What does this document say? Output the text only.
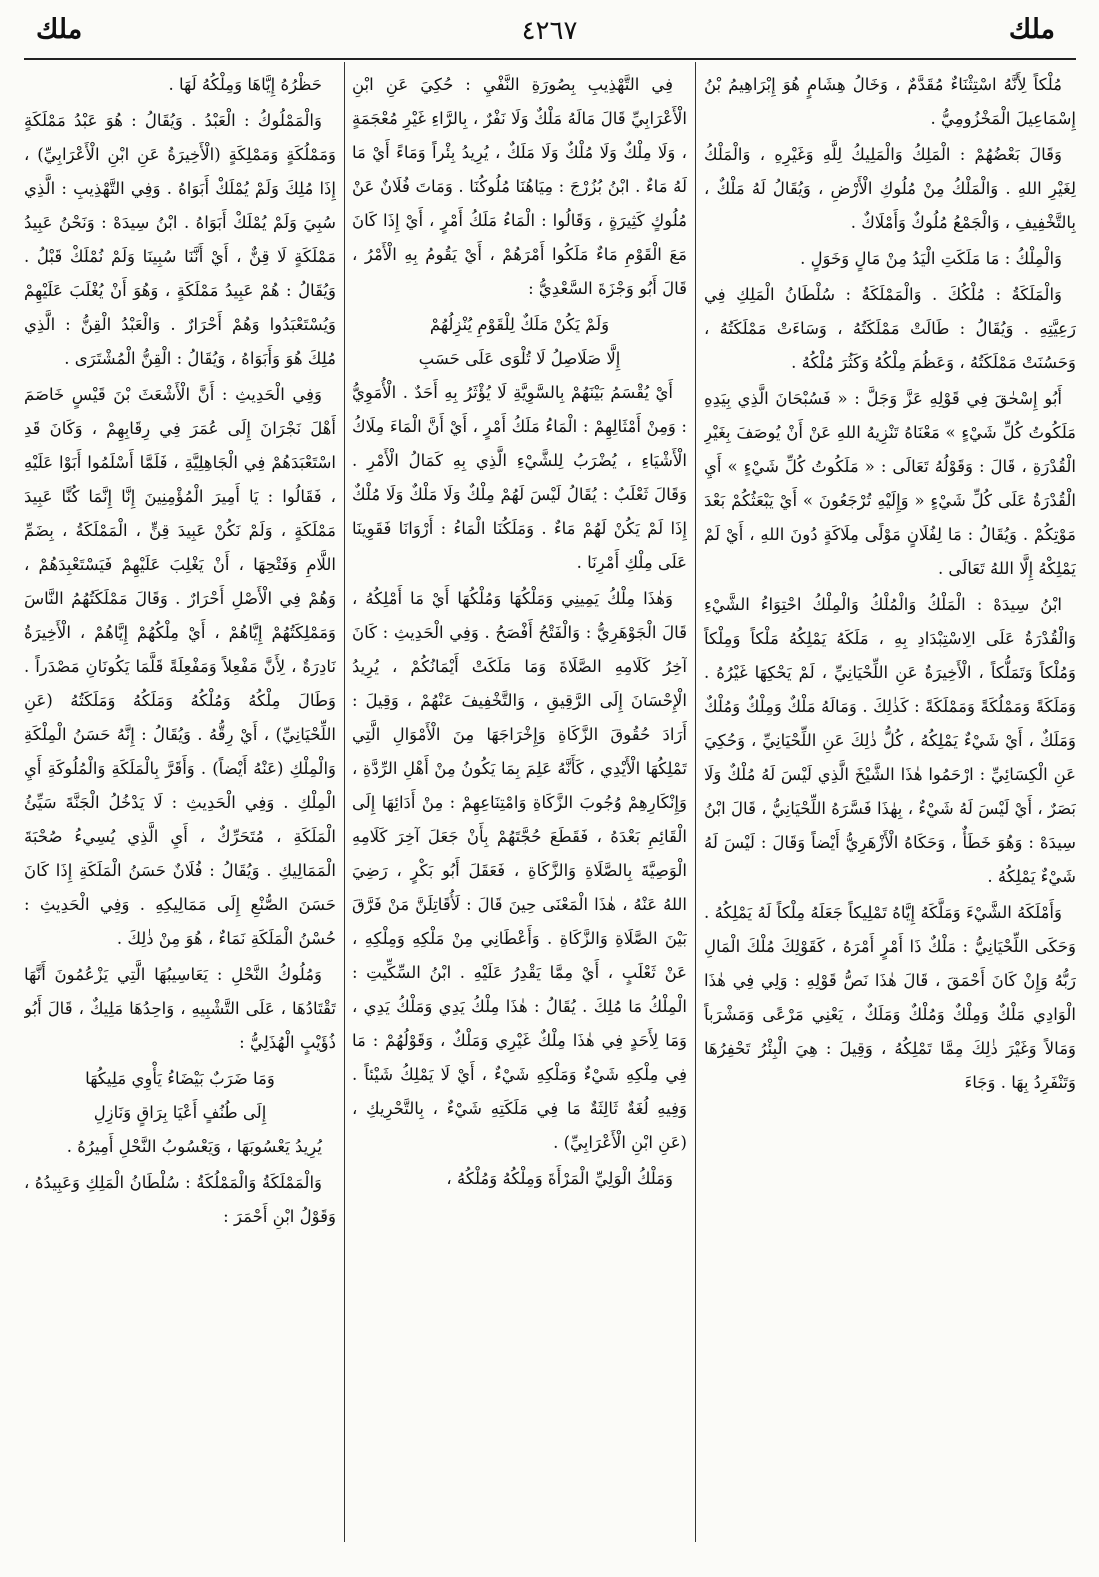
ملك
٤٢٦٧
ملك

مُلْكاً لِأَنَّهُ اسْتِثْنَاءٌ مُقَدَّمٌ ، وَخَالُ هِشَامٍ هُوَ إِبْرَاهِيمُ بْنُ إِسْمَاعِيلَ الْمَخْزُومِيُّ .

وَقَالَ بَعْضُهُمْ : الْمَلِكُ وَالْمَلِيكُ لِلَّهِ وَغَيْرِهِ ، وَالْمَلْكُ لِغَيْرِ اللهِ . وَالْمَلْكُ مِنْ مُلُوكِ الْأَرْضِ ، وَيُقَالُ لَهُ مَلْكٌ ، بِالتَّخْفِيفِ ، وَالْجَمْعُ مُلُوكٌ وَأَمْلَاكٌ .

وَالْمِلْكُ : مَا مَلَكَتِ الْيَدُ مِنْ مَالٍ وَخَوَلٍ .

وَالْمَلَكَةُ : مُلْكُكَ . وَالْمَمْلَكَةُ : سُلْطَانُ الْمَلِكِ فِي رَعِيَّتِهِ . وَيُقَالُ : طَالَتْ مَمْلَكَتُهُ ، وَسَاءَتْ مَمْلَكَتُهُ ، وَحَسُنَتْ مَمْلَكَتُهُ ، وَعَظُمَ مِلْكُهُ وَكَثُرَ مُلْكُهُ .

أَبُو إِسْحٰقَ فِي قَوْلِهِ عَزَّ وَجَلَّ : « فَسُبْحَانَ الَّذِي بِيَدِهِ مَلَكُوتُ كُلِّ شَيْءٍ » مَعْنَاهُ تَنْزِيهُ اللهِ عَنْ أَنْ يُوصَفَ بِغَيْرِ الْقُدْرَةِ ، قَالَ : وَقَوْلُهُ تَعَالَى : « مَلَكُوتُ كُلِّ شَيْءٍ » أَيِ الْقُدْرَةُ عَلَى كُلِّ شَيْءٍ « وَإِلَيْهِ تُرْجَعُونَ » أَيْ يَبْعَثُكُمْ بَعْدَ مَوْتِكُمْ . وَيُقَالُ : مَا لِفُلَانٍ مَوْلًى مِلَاكَةٍ دُونَ اللهِ ، أَيْ لَمْ يَمْلِكْهُ إِلَّا اللهُ تَعَالَى .

ابْنُ سِيدَهْ : الْمَلْكُ وَالْمُلْكُ وَالْمِلْكُ احْتِوَاءُ الشَّيْءِ وَالْقُدْرَةُ عَلَى الِاسْتِبْدَادِ بِهِ ، مَلَكَهُ يَمْلِكُهُ مَلْكاً وَمِلْكاً وَمُلْكاً وَتَمَلُّكاً ، الْأَخِيرَةُ عَنِ اللِّحْيَانِيِّ ، لَمْ يَحْكِهَا غَيْرُهُ . وَمَلَكَةً وَمَمْلُكَةً وَمَمْلَكَةً : كَذٰلِكَ . وَمَالَهُ مَلْكٌ وَمِلْكٌ وَمُلْكٌ وَمَلَكٌ ، أَيْ شَيْءٌ يَمْلِكُهُ ، كُلُّ ذٰلِكَ عَنِ اللِّحْيَانِيِّ ، وَحُكِيَ عَنِ الْكِسَائِيِّ : ارْحَمُوا هٰذَا الشَّيْخَ الَّذِي لَيْسَ لَهُ مُلْكٌ وَلَا بَصَرٌ ، أَيْ لَيْسَ لَهُ شَيْءٌ ، بِهٰذَا فَسَّرَهُ اللِّحْيَانِيُّ ، قَالَ ابْنُ سِيدَهْ : وَهُوَ خَطَأٌ ، وَحَكَاهُ الْأَزْهَرِيُّ أَيْضاً وَقَالَ : لَيْسَ لَهُ شَيْءٌ يَمْلِكُهُ .

وَأَمْلَكَهُ الشَّيْءَ وَمَلَّكَهُ إِيَّاهُ تَمْلِيكاً جَعَلَهُ مِلْكاً لَهُ يَمْلِكُهُ . وَحَكَى اللِّحْيَانِيُّ : مَلْكٌ ذَا أَمْرٍ أَمْرَهُ ، كَقَوْلِكَ مُلْكَ الْمَالِ رَبُّهُ وَإِنْ كَانَ أَحْمَقَ ، قَالَ هٰذَا نَصُّ قَوْلِهِ : وَلِي فِي هٰذَا الْوَادِي مَلْكٌ وَمِلْكٌ وَمُلْكٌ وَمَلَكٌ ، يَعْنِي مَرْعًى وَمَشْرَباً وَمَالاً وَغَيْرَ ذٰلِكَ مِمَّا تَمْلِكُهُ ، وَقِيلَ : هِيَ الْبِئْرُ تَحْفِرُهَا وَتَنْفَرِدُ بِهَا . وَجَاءَ

فِي التَّهْذِيبِ بِصُورَةِ النَّفْيِ : حُكِيَ عَنِ ابْنِ الْأَعْرَابِيِّ قَالَ مَالَهُ مَلْكٌ وَلَا نَفْرٌ ، بِالرَّاءِ غَيْرِ مُعْجَمَةٍ ، وَلَا مِلْكٌ وَلَا مُلْكٌ وَلَا مَلَكٌ ، يُرِيدُ بِئْراً وَمَاءً أَيْ مَا لَهُ مَاءٌ . ابْنُ بُزُرْجَ : مِيَاهُنَا مُلُوكُنَا . وَمَاتَ فُلَانٌ عَنْ مُلُوكٍ كَثِيرَةٍ ، وَقَالُوا : الْمَاءُ مَلَكُ أَمْرٍ ، أَيْ إِذَا كَانَ مَعَ الْقَوْمِ مَاءٌ مَلَكُوا أَمْرَهُمْ ، أَيْ يَقُومُ بِهِ الْأَمْرُ ، قَالَ أَبُو وَجْزَةَ السَّعْدِيُّ :

وَلَمْ يَكُنْ مَلَكٌ لِلْقَوْمِ يُنْزِلُهُمْ

إِلَّا صَلَاصِلُ لَا تُلْوَى عَلَى حَسَبِ

أَيْ يُقْسَمُ بَيْنَهُمْ بِالسَّوِيَّةِ لَا يُؤْثَرُ بِهِ أَحَدٌ . الْأُمَوِيُّ : وَمِنْ أَمْثَالِهِمْ : الْمَاءُ مَلَكُ أَمْرٍ ، أَيْ أَنَّ الْمَاءَ مِلَاكُ الْأَشْيَاءِ ، يُضْرَبُ لِلشَّيْءِ الَّذِي بِهِ كَمَالُ الْأَمْرِ . وَقَالَ ثَعْلَبٌ : يُقَالُ لَيْسَ لَهُمْ مِلْكٌ وَلَا مَلْكٌ وَلَا مُلْكٌ إِذَا لَمْ يَكُنْ لَهُمْ مَاءٌ . وَمَلَكُنَا الْمَاءُ : أَرْوَانَا فَقَوِينَا عَلَى مِلْكِ أَمْرِنَا .

وَهٰذَا مِلْكُ يَمِينِي وَمَلْكُهَا وَمُلْكُهَا أَيْ مَا أَمْلِكُهُ ، قَالَ الْجَوْهَرِيُّ : وَالْفَتْحُ أَفْصَحُ . وَفِي الْحَدِيثِ : كَانَ آخِرُ كَلَامِهِ الصَّلَاةَ وَمَا مَلَكَتْ أَيْمَانُكُمْ ، يُرِيدُ الْإِحْسَانَ إِلَى الرَّقِيقِ ، وَالتَّخْفِيفَ عَنْهُمْ ، وَقِيلَ : أَرَادَ حُقُوقَ الزَّكَاةِ وَإِخْرَاجَهَا مِنَ الْأَمْوَالِ الَّتِي تَمْلِكُهَا الْأَيْدِي ، كَأَنَّهُ عَلِمَ بِمَا يَكُونُ مِنْ أَهْلِ الرِّدَّةِ ، وَإِنْكَارِهِمْ وُجُوبَ الزَّكَاةِ وَامْتِنَاعِهِمْ : مِنْ أَدَائِهَا إِلَى الْقَائِمِ بَعْدَهُ ، فَقَطَعَ حُجَّتَهُمْ بِأَنْ جَعَلَ آخِرَ كَلَامِهِ الْوَصِيَّةَ بِالصَّلَاةِ وَالزَّكَاةِ ، فَعَقَلَ أَبُو بَكْرٍ ، رَضِيَ اللهُ عَنْهُ ، هٰذَا الْمَعْنَى حِينَ قَالَ : لَأُقَاتِلَنَّ مَنْ فَرَّقَ بَيْنَ الصَّلَاةِ وَالزَّكَاةِ . وَأَعْطَانِي مِنْ مَلْكِهِ وَمِلْكِهِ ، عَنْ ثَعْلَبٍ ، أَيْ مِمَّا يَقْدِرُ عَلَيْهِ . ابْنُ السِّكِّيتِ : الْمِلْكُ مَا مُلِكَ . يُقَالُ : هٰذَا مِلْكُ يَدِي وَمَلْكُ يَدِي ، وَمَا لِأَحَدٍ فِي هٰذَا مِلْكٌ غَيْرِي وَمَلْكٌ ، وَقَوْلُهُمْ : مَا فِي مِلْكِهِ شَيْءٌ وَمَلْكِهِ شَيْءٌ ، أَيْ لَا يَمْلِكُ شَيْئاً . وَفِيهِ لُغَةٌ ثَالِثَةٌ مَا فِي مَلَكَتِهِ شَيْءٌ ، بِالتَّحْرِيكِ ، (عَنِ ابْنِ الْأَعْرَابِيِّ) .

وَمَلْكُ الْوَلِيِّ الْمَرْأَةَ وَمِلْكُهُ وَمُلْكُهُ ،

حَظْرُهُ إِيَّاهَا وَمِلْكُهُ لَهَا .

وَالْمَمْلُوكُ : الْعَبْدُ . وَيُقَالُ : هُوَ عَبْدُ مَمْلَكَةٍ وَمَمْلُكَةٍ وَمَمْلِكَةٍ (الْأَخِيرَةُ عَنِ ابْنِ الْأَعْرَابِيِّ) ، إِذَا مُلِكَ وَلَمْ يُمْلَكْ أَبَوَاهُ . وَفِي التَّهْذِيبِ : الَّذِي سُبِيَ وَلَمْ يُمْلَكْ أَبَوَاهُ . ابْنُ سِيدَهْ : وَنَحْنُ عَبِيدُ مَمْلَكَةٍ لَا قِنٌّ ، أَيْ أَنَّنَا سُبِينَا وَلَمْ نُمْلَكْ قَبْلُ . وَيُقَالُ : هُمْ عَبِيدُ مَمْلَكَةٍ ، وَهُوَ أَنْ يُغْلَبَ عَلَيْهِمْ وَيُسْتَعْبَدُوا وَهُمْ أَحْرَارٌ . وَالْعَبْدُ الْقِنُّ : الَّذِي مُلِكَ هُوَ وَأَبَوَاهُ ، وَيُقَالُ : الْقِنُّ الْمُشْتَرَى .

وَفِي الْحَدِيثِ : أَنَّ الْأَشْعَثَ بْنَ قَيْسٍ خَاصَمَ أَهْلَ نَجْرَانَ إِلَى عُمَرَ فِي رِقَابِهِمْ ، وَكَانَ قَدِ اسْتَعْبَدَهُمْ فِي الْجَاهِلِيَّةِ ، فَلَمَّا أَسْلَمُوا أَبَوْا عَلَيْهِ ، فَقَالُوا : يَا أَمِيرَ الْمُؤْمِنِينَ إِنَّا إِنَّمَا كُنَّا عَبِيدَ مَمْلَكَةٍ ، وَلَمْ نَكُنْ عَبِيدَ قِنٍّ ، الْمَمْلَكَةُ ، بِضَمِّ اللَّامِ وَفَتْحِهَا ، أَنْ يَغْلِبَ عَلَيْهِمْ فَيَسْتَعْبِدَهُمْ ، وَهُمْ فِي الْأَصْلِ أَحْرَارٌ . وَقَالَ مَمْلَكَتُهُمُ النَّاسَ وَمَمْلِكَتُهُمْ إِيَّاهُمْ ، أَيْ مِلْكُهُمْ إِيَّاهُمْ ، الْأَخِيرَةُ نَادِرَةٌ ، لِأَنَّ مَفْعِلاً وَمَفْعِلَةً قَلَّمَا يَكُونَانِ مَصْدَراً . وَطَالَ مِلْكُهُ وَمُلْكُهُ وَمَلَكُهُ وَمَلَكَتُهُ (عَنِ اللِّحْيَانِيِّ) ، أَيْ رِقُّهُ . وَيُقَالُ : إِنَّهُ حَسَنُ الْمِلْكَةِ وَالْمِلْكِ (عَنْهُ أَيْضاً) . وَأَقَرَّ بِالْمَلَكَةِ وَالْمُلُوكَةِ أَيِ الْمِلْكِ . وَفِي الْحَدِيثِ : لَا يَدْخُلُ الْجَنَّةَ سَيِّئُ الْمَلَكَةِ ، مُتَحَرِّكٌ ، أَيِ الَّذِي يُسِيءُ صُحْبَةَ الْمَمَالِيكِ . وَيُقَالُ : فُلَانٌ حَسَنُ الْمَلَكَةِ إِذَا كَانَ حَسَنَ الصُّنْعِ إِلَى مَمَالِيكِهِ . وَفِي الْحَدِيثِ : حُسْنُ الْمَلَكَةِ نَمَاءٌ ، هُوَ مِنْ ذٰلِكَ .

وَمُلُوكُ النَّحْلِ : يَعَاسِيبُهَا الَّتِي يَزْعُمُونَ أَنَّهَا تَقْتَادُهَا ، عَلَى التَّشْبِيهِ ، وَاحِدُهَا مَلِيكٌ ، قَالَ أَبُو ذُؤَيْبٍ الْهُذَلِيُّ :

وَمَا ضَرَبٌ بَيْضَاءُ يَأْوِي مَلِيكُهَا

إِلَى طُنُفٍ أَعْيَا بِرَاقٍ وَنَازِلِ

يُرِيدُ يَعْسُوبَهَا ، وَيَعْسُوبُ النَّحْلِ أَمِيرُهُ .

وَالْمَمْلَكَةُ وَالْمَمْلُكَةُ : سُلْطَانُ الْمَلِكِ وَعَبِيدُهُ ، وَقَوْلُ ابْنِ أَحْمَرَ :
